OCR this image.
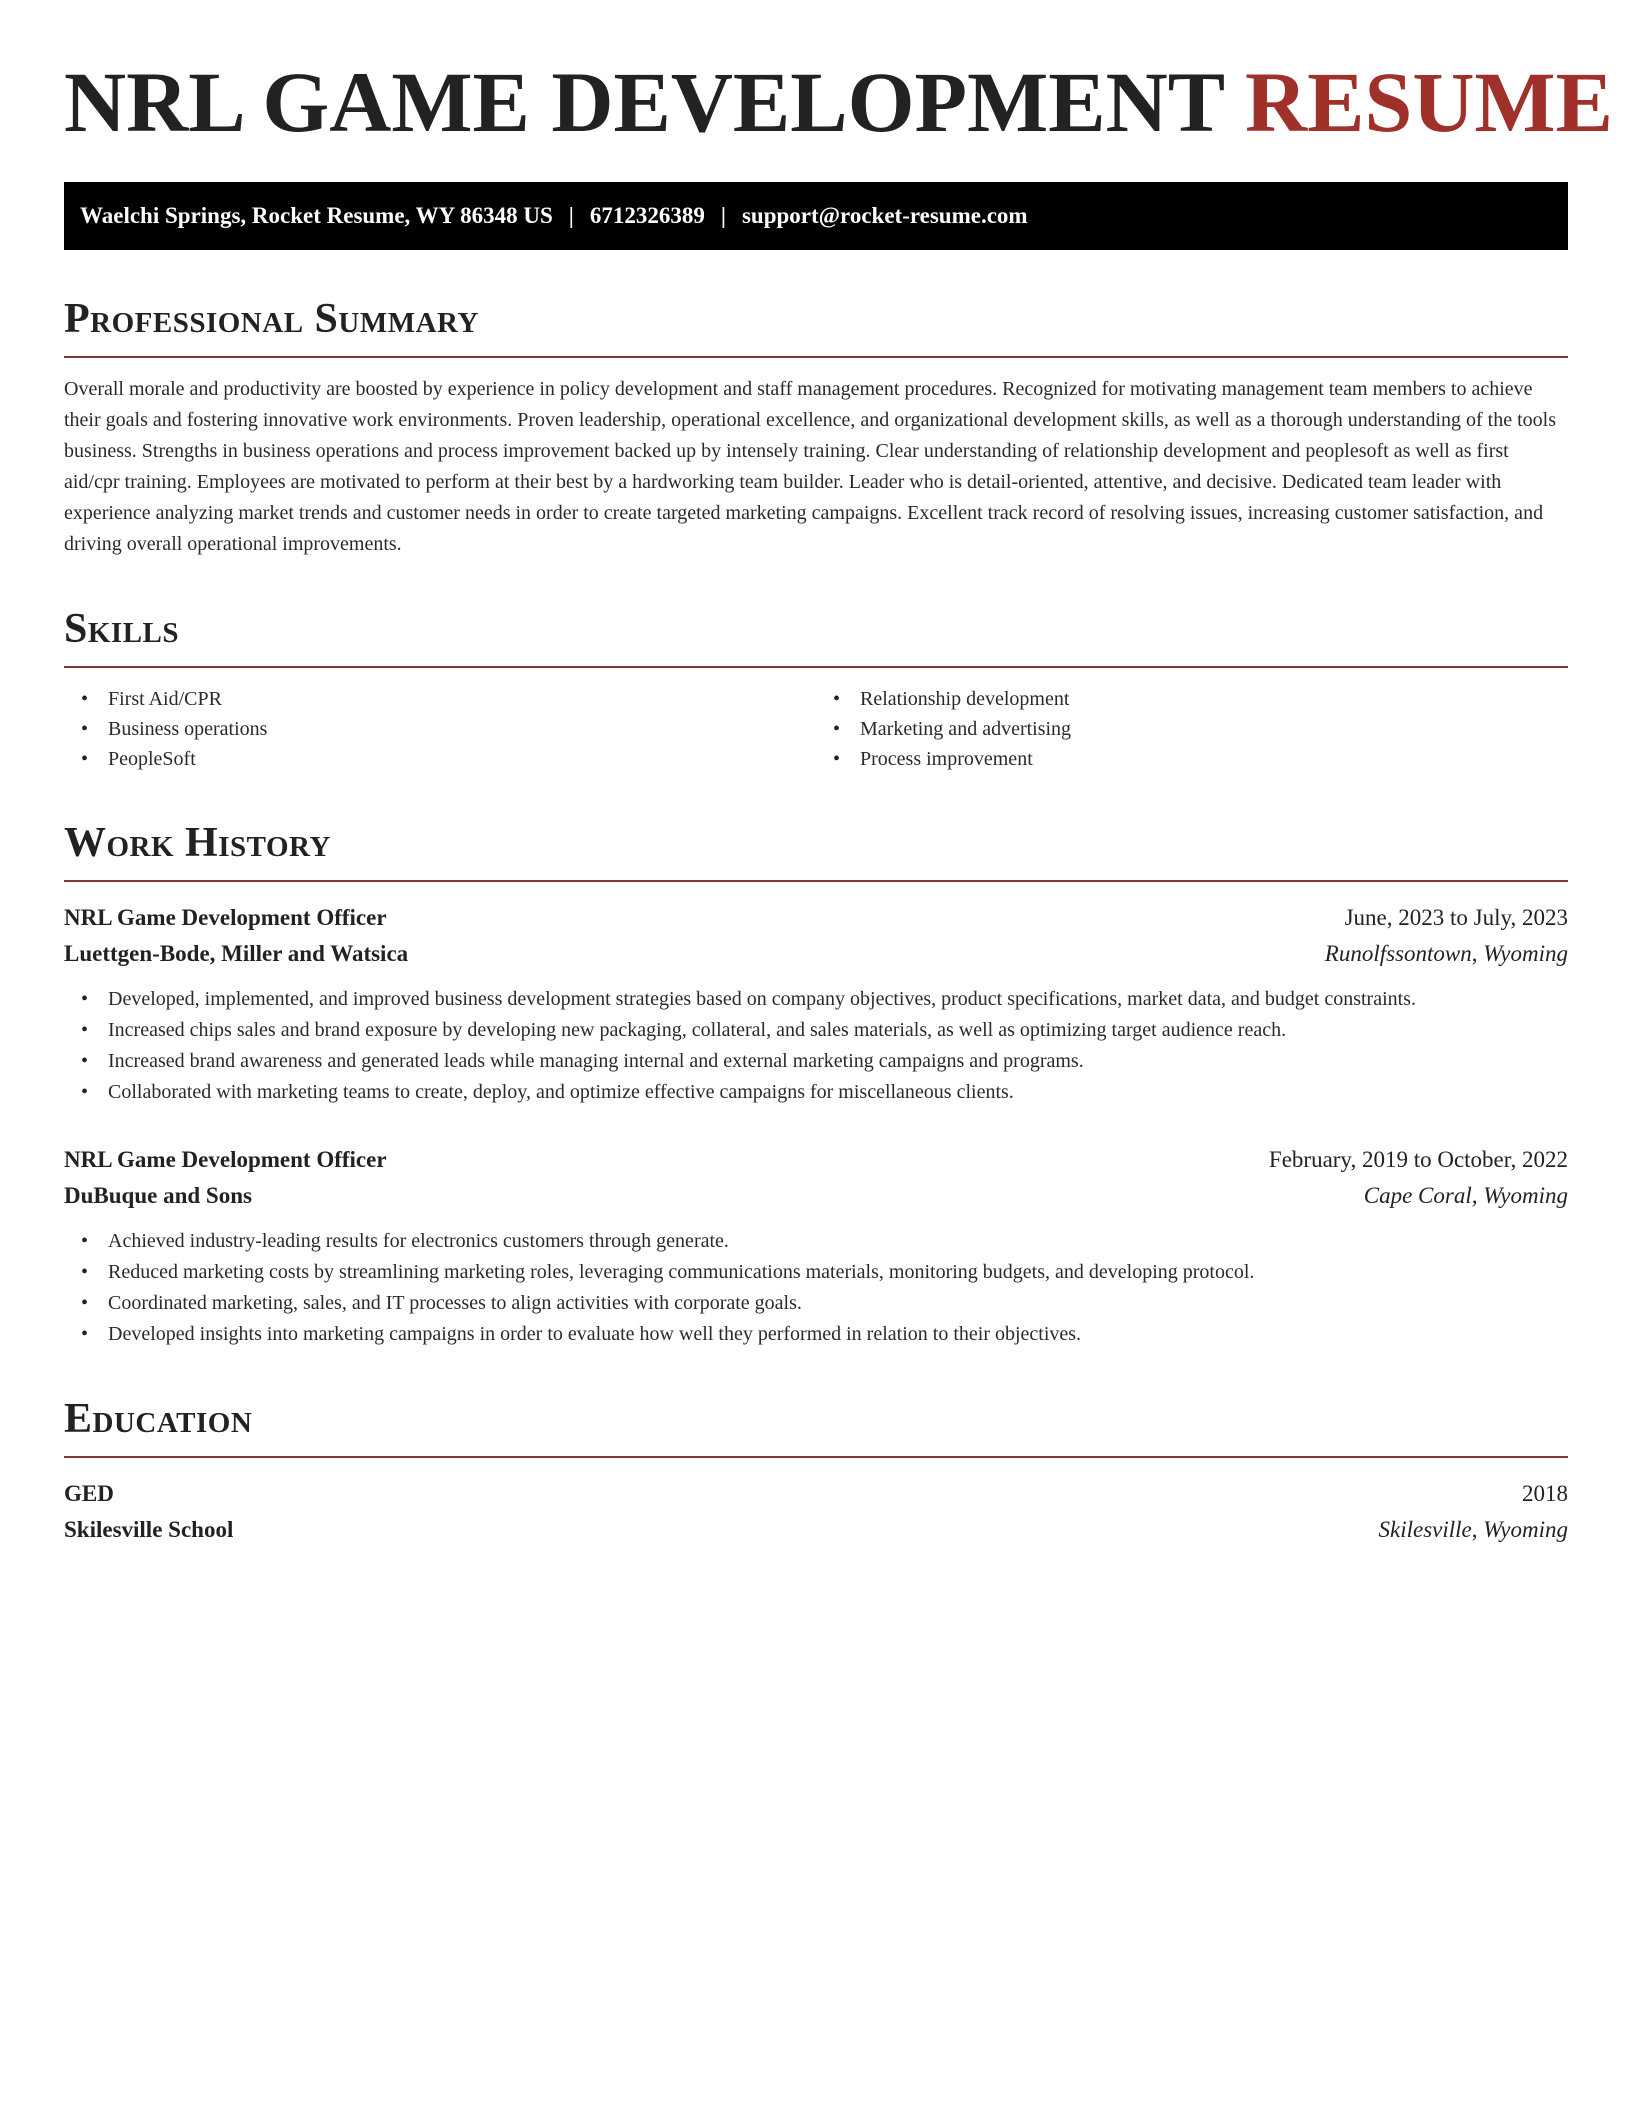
NRL GAME DEVELOPMENT RESUME
Waelchi Springs, Rocket Resume, WY 86348 US | 6712326389 | support@rocket-resume.com
Professional Summary

Overall morale and productivity are boosted by experience in policy development and staff management procedures. Recognized for motivating management team members to achieve their goals and fostering innovative work environments. Proven leadership, operational excellence, and organizational development skills, as well as a thorough understanding of the tools business. Strengths in business operations and process improvement backed up by intensely training. Clear understanding of relationship development and peoplesoft as well as first aid/cpr training. Employees are motivated to perform at their best by a hardworking team builder. Leader who is detail-oriented, attentive, and decisive. Dedicated team leader with experience analyzing market trends and customer needs in order to create targeted marketing campaigns. Excellent track record of resolving issues, increasing customer satisfaction, and driving overall operational improvements.

Skills
• First Aid/CPR
• Business operations
• PeopleSoft
• Relationship development
• Marketing and advertising
• Process improvement
Work History
NRL Game Development Officer	June, 2023 to July, 2023
Luettgen-Bode, Miller and Watsica	Runolfssontown, Wyoming
• Developed, implemented, and improved business development strategies based on company objectives, product specifications, market data, and budget constraints.
• Increased chips sales and brand exposure by developing new packaging, collateral, and sales materials, as well as optimizing target audience reach.
• Increased brand awareness and generated leads while managing internal and external marketing campaigns and programs.
• Collaborated with marketing teams to create, deploy, and optimize effective campaigns for miscellaneous clients.
NRL Game Development Officer	February, 2019 to October, 2022
DuBuque and Sons	Cape Coral, Wyoming
• Achieved industry-leading results for electronics customers through generate.
• Reduced marketing costs by streamlining marketing roles, leveraging communications materials, monitoring budgets, and developing protocol.
• Coordinated marketing, sales, and IT processes to align activities with corporate goals.
• Developed insights into marketing campaigns in order to evaluate how well they performed in relation to their objectives.
Education
GED	2018
Skilesville School	Skilesville, Wyoming
